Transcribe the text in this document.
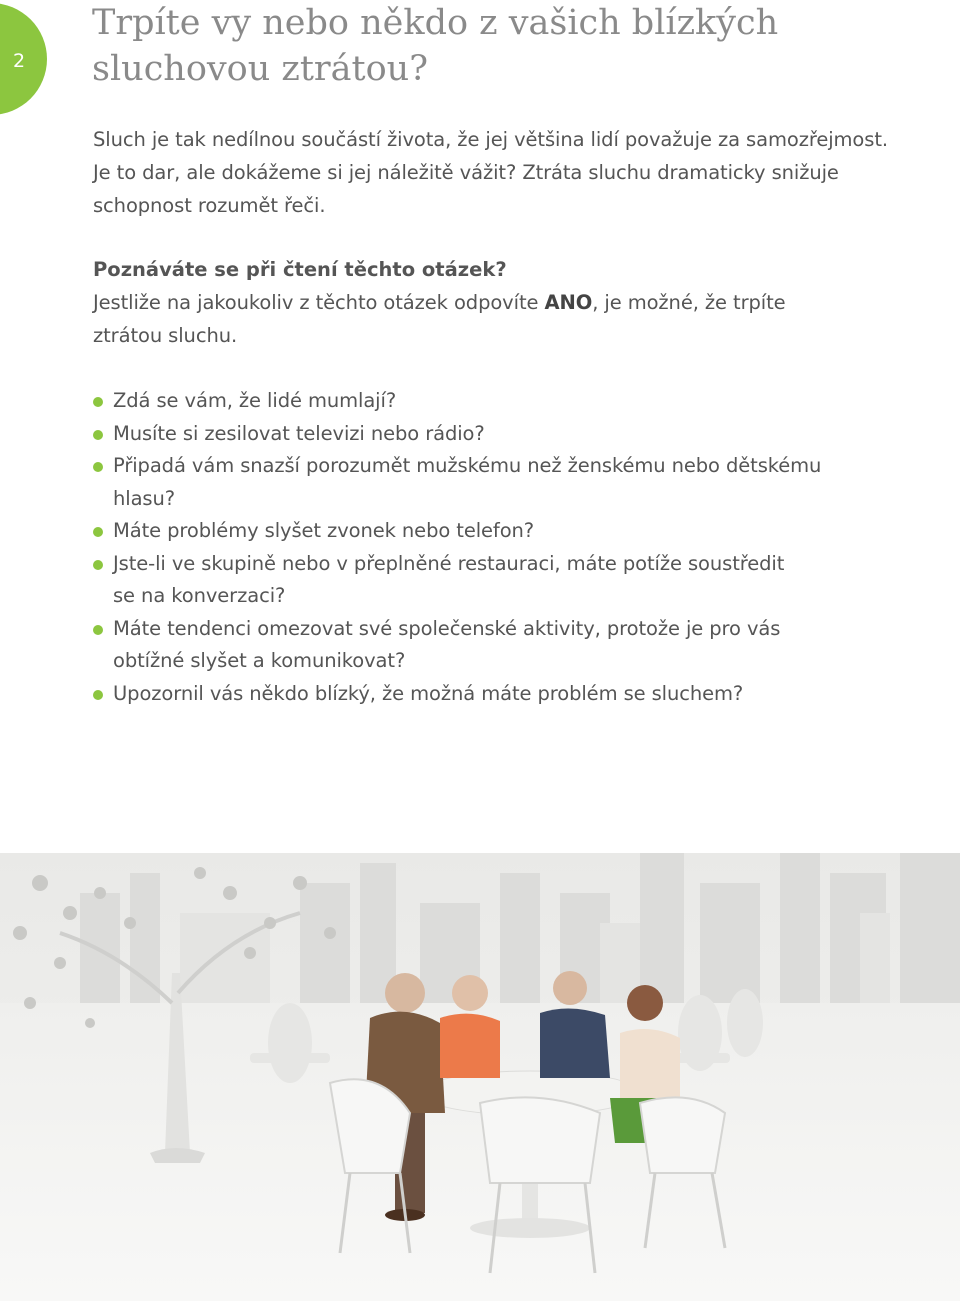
2
Trpíte vy nebo někdo z vašich blízkých
sluchovou ztrátou?

Sluch je tak nedílnou součástí života, že jej většina lidí považuje za samozřejmost.
Je to dar, ale dokážeme si jej náležitě vážit? Ztráta sluchu dramaticky snižuje
schopnost rozumět řeči.

Poznáváte se při čtení těchto otázek?

Jestliže na jakoukoliv z těchto otázek odpovíte ANO, je možné, že trpíte
ztrátou sluchu.

Zdá se vám, že lidé mumlají?
Musíte si zesilovat televizi nebo rádio?
Připadá vám snazší porozumět mužskému než ženskému nebo dětskému
hlasu?
Máte problémy slyšet zvonek nebo telefon?
Jste-li ve skupině nebo v přeplněné restauraci, máte potíže soustředit
se na konverzaci?
Máte tendenci omezovat své společenské aktivity, protože je pro vás
obtížné slyšet a komunikovat?
Upozornil vás někdo blízký, že možná máte problém se sluchem?
